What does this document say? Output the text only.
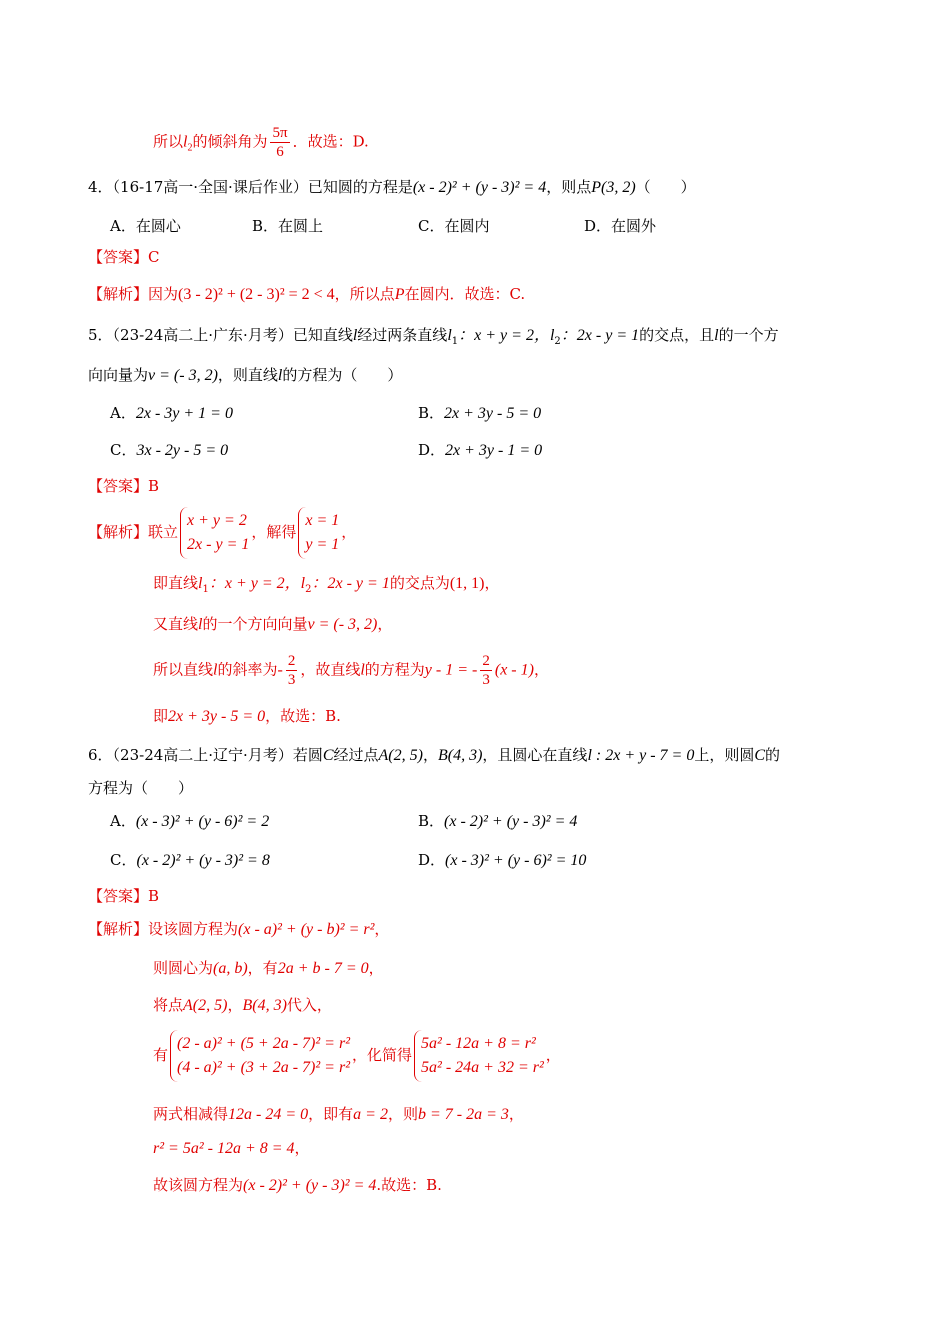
所以$l_2$的倾斜角为 $\frac{5\pi}{6}$ ．故选：D.
4．（16-17高一·全国·课后作业）已知圆的方程是(x - 2)² + (y - 3)² = 4，则点P(3, 2)（　　）
A．在圆心	B．在圆上	C．在圆内	D．在圆外
【答案】C
【解析】因为(3 - 2)² + (2 - 3)² = 2 < 4，所以点P在圆内．故选：C.
5．（23-24高二上·广东·月考）已知直线l经过两条直线$l_1$：x + y = 2，$l_2$：2x - y = 1的交点，且l的一个方
向向量为v = (- 3, 2)，则直线l的方程为（　　）
A．2x - 3y + 1 = 0	B．2x + 3y - 5 = 0
C．3x - 2y - 5 = 0	D．2x + 3y - 1 = 0
【答案】B
【解析】联立
x + y = 2
2x - y = 1
，解得
x = 1
y = 1
，
即直线$l_1$：x + y = 2，$l_2$：2x - y = 1的交点为(1, 1)，
又直线l的一个方向向量v = (- 3, 2)，
所以直线l的斜率为- $\frac{2}{3}$ ，故直线l的方程为y - 1 = - $\frac{2}{3} (x - 1)$，
即2x + 3y - 5 = 0，故选：B.
6．（23-24高二上·辽宁·月考）若圆C经过点A(2, 5)，B(4, 3)，且圆心在直线l : 2x + y - 7 = 0上，则圆C的
方程为（　　）
A．(x - 3)² + (y - 6)² = 2	B．(x - 2)² + (y - 3)² = 4
C．(x - 2)² + (y - 3)² = 8	D．(x - 3)² + (y - 6)² = 10
【答案】B
【解析】设该圆方程为(x - a)² + (y - b)² = r²，
则圆心为(a, b)，有2a + b - 7 = 0，
将点A(2, 5)，B(4, 3)代入，
有
(2 - a)² + (5 + 2a - 7)² = r²
(4 - a)² + (3 + 2a - 7)² = r²
，化简得
5a² - 12a + 8 = r²
5a² - 24a + 32 = r²
，
两式相减得12a - 24 = 0，即有a = 2，则b = 7 - 2a = 3，
r² = 5a² - 12a + 8 = 4，
故该圆方程为(x - 2)² + (y - 3)² = 4.故选：B.
